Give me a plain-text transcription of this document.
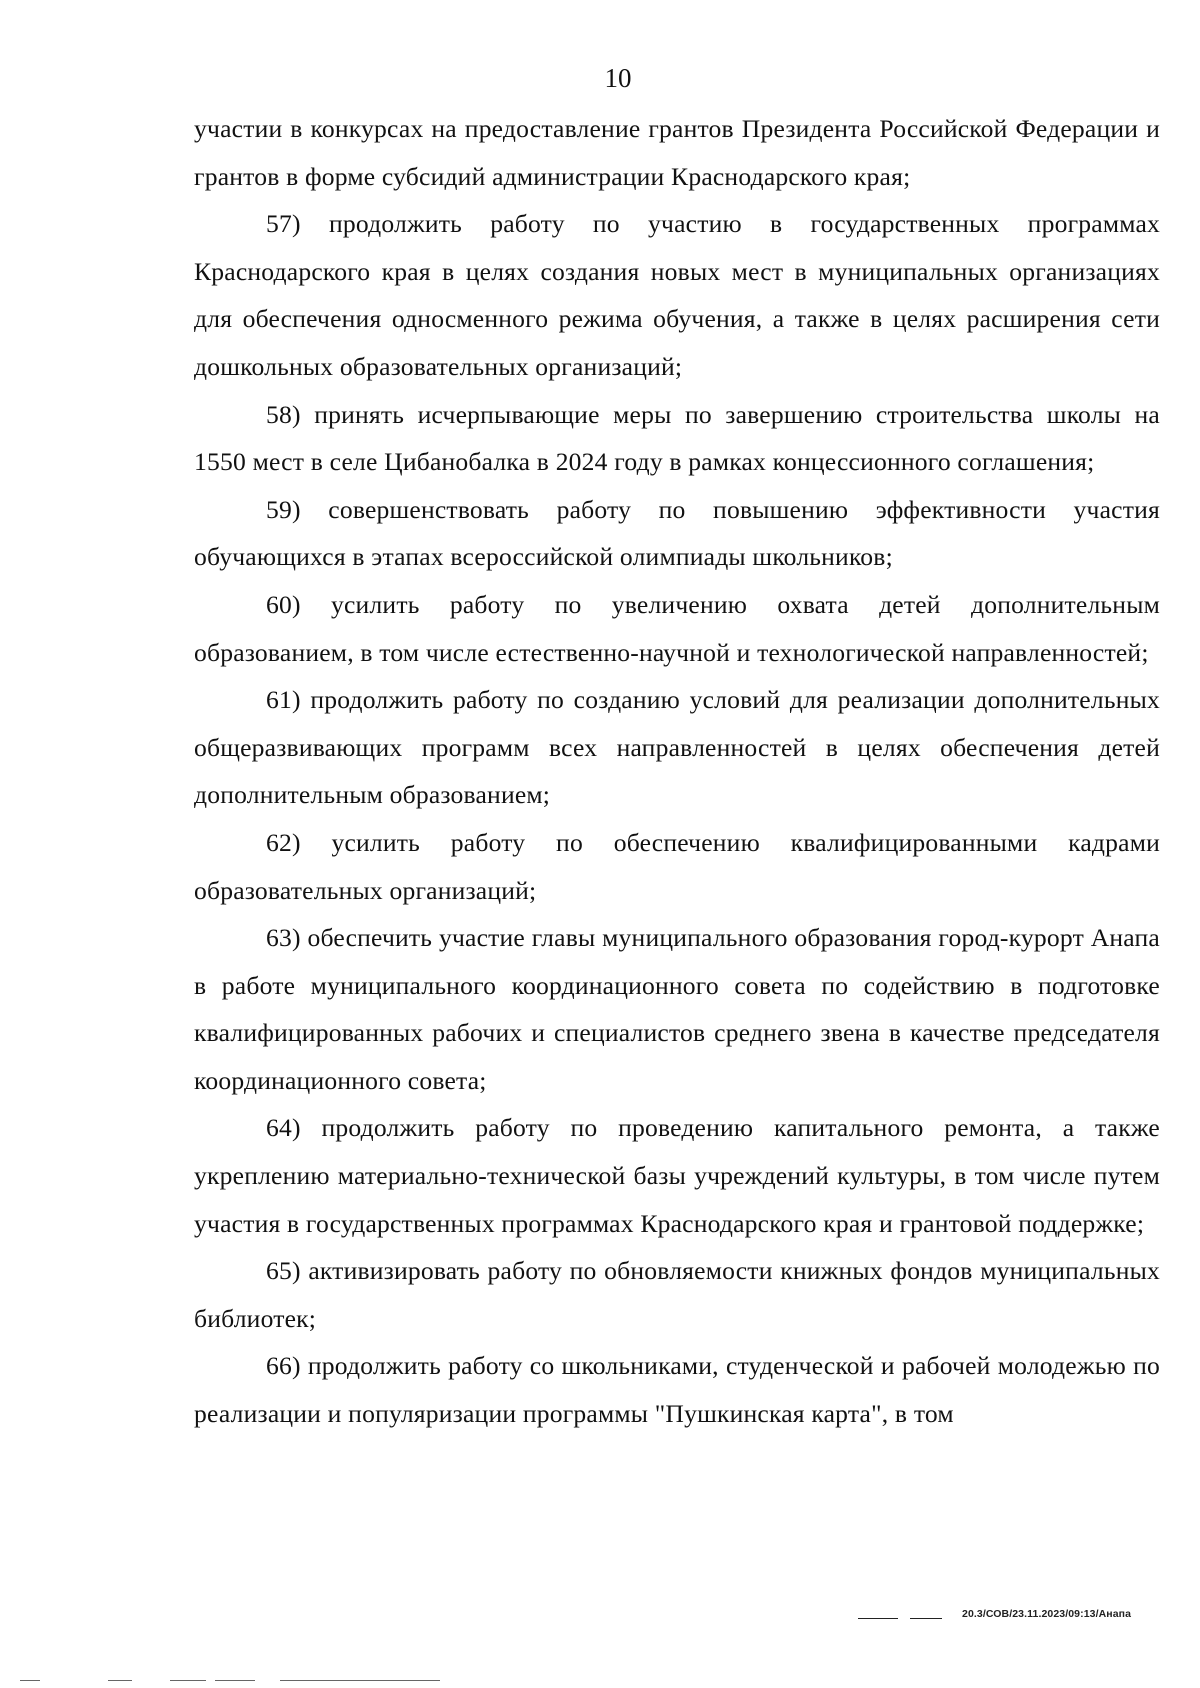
10

участии в конкурсах на предоставление грантов Президента Российской Федерации и грантов в форме субсидий администрации Краснодарского края;

57) продолжить работу по участию в государственных программах Краснодарского края в целях создания новых мест в муниципальных организациях для обеспечения односменного режима обучения, а также в целях расширения сети дошкольных образовательных организаций;

58) принять исчерпывающие меры по завершению строительства школы на 1550 мест в селе Цибанобалка в 2024 году в рамках концессионного соглашения;

59) совершенствовать работу по повышению эффективности участия обучающихся в этапах всероссийской олимпиады школьников;

60) усилить работу по увеличению охвата детей дополнительным образованием, в том числе естественно-научной и технологической направленностей;

61) продолжить работу по созданию условий для реализации дополнительных общеразвивающих программ всех направленностей в целях обеспечения детей дополнительным образованием;

62) усилить работу по обеспечению квалифицированными кадрами образовательных организаций;

63) обеспечить участие главы муниципального образования город-курорт Анапа в работе муниципального координационного совета по содействию в подготовке квалифицированных рабочих и специалистов среднего звена в качестве председателя координационного совета;

64) продолжить работу по проведению капитального ремонта, а также укреплению материально-технической базы учреждений культуры, в том числе путем участия в государственных программах Краснодарского края и грантовой поддержке;

65) активизировать работу по обновляемости книжных фондов муниципальных библиотек;

66) продолжить работу со школьниками, студенческой и рабочей молодежью по реализации и популяризации программы "Пушкинская карта", в том

20.3/СОВ/23.11.2023/09:13/Анапа
